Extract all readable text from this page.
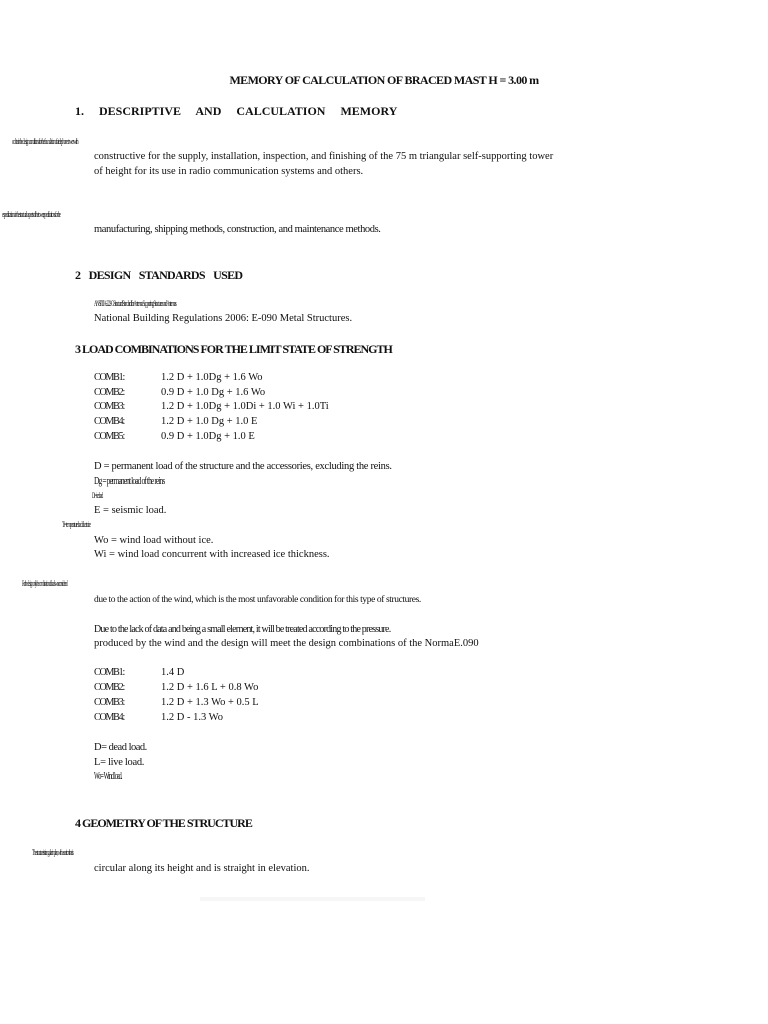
MEMORY OF CALCULATION OF BRACED MAST H = 3.00 m
1. DESCRIPTIVE AND CALCULATION MEMORY
o obtain the design conditions for the foundation of a telephone tower with
constructive for the supply, installation, inspection, and finishing of the 75 m triangular self-supporting tower
of height for its use in radio communication systems and others.
e specifications in the structural aspects of the tower, specifications for the
manufacturing, shipping methods, construction, and maintenance methods.
2 DESIGN STANDARDS USED
ANSI/TIA-222-G Structural Standard for Antenna Supporting Structures and Antennas
National Building Regulations 2006: E-090 Metal Structures.
3 LOAD COMBINATIONS FOR THE LIMIT STATE OF STRENGTH
COMB1:	1.2 D + 1.0Dg + 1.6 Wo
COMB2:	0.9 D + 1.0 Dg + 1.6 Wo
COMB3:	1.2 D + 1.0Dg + 1.0Di + 1.0 Wi + 1.0Ti
COMB4:	1.2 D + 1.0 Dg + 1.0 E
COMB5:	0.9 D + 1.0Dg + 1.0 E
D = permanent load of the structure and the accessories, excluding the reins.
Dg = permanent load of the reins
Di = ice load
E = seismic load.
Ti = temperature load due to ice
Wo = wind load without ice.
Wi = wind load concurrent with increased ice thickness.
For the design only the combination of loads was considered
due to the action of the wind, which is the most unfavorable condition for this type of structures.
Due to the lack of data and being a small element, it will be treated according to the pressure.
produced by the wind and the design will meet the design combinations of the NormaE.090
COMB1:	1.4 D
COMB2:	1.2 D + 1.6 L + 0.8 Wo
COMB3:	1.2 D + 1.3 Wo + 0.5 L
COMB4:	1.2 D - 1.3 Wo
D= dead load.
L= live load.
Wo= Wind load.
4 GEOMETRY OF THE STRUCTURE
The structure is triangular in plan, with a section that is
circular along its height and is straight in elevation.
